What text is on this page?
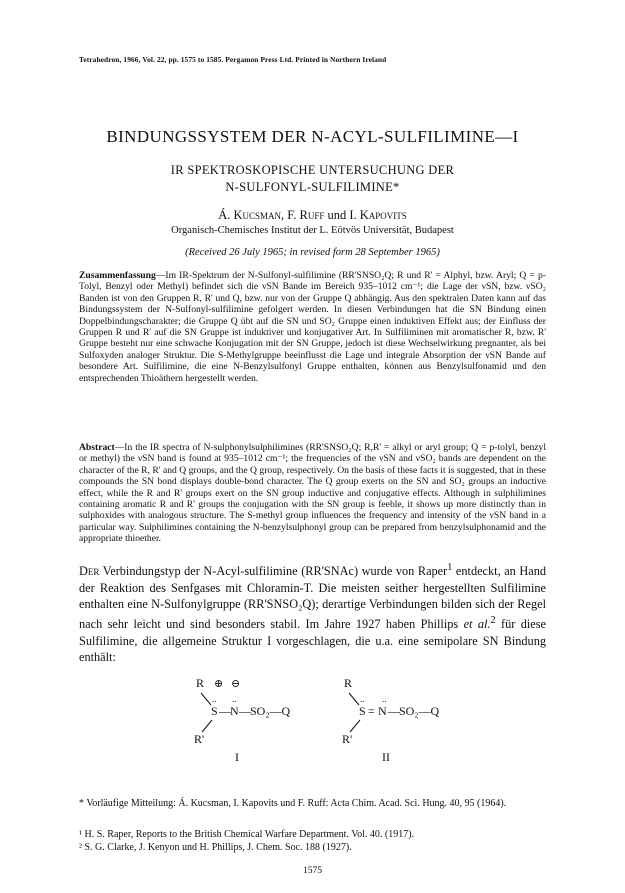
Tetrahedron, 1966, Vol. 22, pp. 1575 to 1585. Pergamon Press Ltd. Printed in Northern Ireland
BINDUNGSSYSTEM DER N-ACYL-SULFILIMINE—I
IR SPEKTROSKOPISCHE UNTERSUCHUNG DER
N-SULFONYL-SULFILIMINE*
Á. Kucsman, F. Ruff und I. Kapovits
Organisch-Chemisches Institut der L. Eötvös Universität, Budapest
(Received 26 July 1965; in revised form 28 September 1965)

Zusammenfassung—Im IR-Spektrum der N-Sulfonyl-sulfilimine (RR'SNSO₂Q; R und R' = Alphyl, bzw. Aryl; Q = p-Tolyl, Benzyl oder Methyl) befindet sich die νSN Bande im Bereich 935–1012 cm⁻¹; die Lage der νSN, bzw. νSO₂ Banden ist von den Gruppen R, R' und Q, bzw. nur von der Gruppe Q abhängig. Aus den spektralen Daten kann auf das Bindungssystem der N-Sulfonyl-sulfilimine gefolgert werden. In diesen Verbindungen hat die SN Bindung einen Doppelbindungscharakter; die Gruppe Q übt auf die SN und SO₂ Gruppe einen induktiven Effekt aus; der Einfluss der Gruppen R und R' auf die SN Gruppe ist induktiver und konjugativer Art. In Sulfiliminen mit aromatischer R, bzw. R' Gruppe besteht nur eine schwache Konjugation mit der SN Gruppe, jedoch ist diese Wechselwirkung pregnanter, als bei Sulfoxyden analoger Struktur. Die S-Methylgruppe beeinflusst die Lage und integrale Absorption der νSN Bande auf besondere Art. Sulfilimine, die eine N-Benzylsulfonyl Gruppe enthalten, können aus Benzylsulfonamid und den entsprechenden Thioäthern hergestellt werden.

Abstract—In the IR spectra of N-sulphonylsulphilimines (RR'SNSO₂Q; R,R' = alkyl or aryl group; Q = p-tolyl, benzyl or methyl) the νSN band is found at 935–1012 cm⁻¹; the frequencies of the νSN and νSO₂ bands are dependent on the character of the R, R' and Q groups, and the Q group, respectively. On the basis of these facts it is suggested, that in these compounds the SN bond displays double-bond character. The Q group exerts on the SN and SO₂ groups an inductive effect, while the R and R' groups exert on the SN group inductive and conjugative effects. Although in sulphilimines containing aromatic R and R' groups the conjugation with the SN group is feeble, it shows up more distinctly than in sulphoxides with analogous structure. The S-methyl group influences the frequency and intensity of the νSN band in a particular way. Sulphilimines containing the N-benzylsulphonyl group can be prepared from benzylsulphonamid and the appropriate thioether.

Der Verbindungstyp der N-Acyl-sulfilimine (RR'SNAc) wurde von Raper$^1$ entdeckt, an Hand der Reaktion des Senfgases mit Chloramin-T. Die meisten seither hergestellten Sulfilimine enthalten eine N-Sulfonylgruppe (RR'SNSO₂Q); derartige Verbindungen bilden sich der Regel nach sehr leicht und sind besonders stabil. Im Jahre 1927 haben Phillips et al.$^2$ für diese Sulfilimine, die allgemeine Struktur I vorgeschlagen, die u.a. eine semipolare SN Bindung enthält:

R ⊕ ⊖
.. ..
S — N — SO₂—Q
R'
I
R
.. ..
S = N — SO₂—Q
R'
II

* Vorläufige Mitteilung: Á. Kucsman, I. Kapovits und F. Ruff: Acta Chim. Acad. Sci. Hung. 40, 95 (1964).

¹ H. S. Raper, Reports to the British Chemical Warfare Department. Vol. 40. (1917).

² S. G. Clarke, J. Kenyon und H. Phillips, J. Chem. Soc. 188 (1927).

1575
